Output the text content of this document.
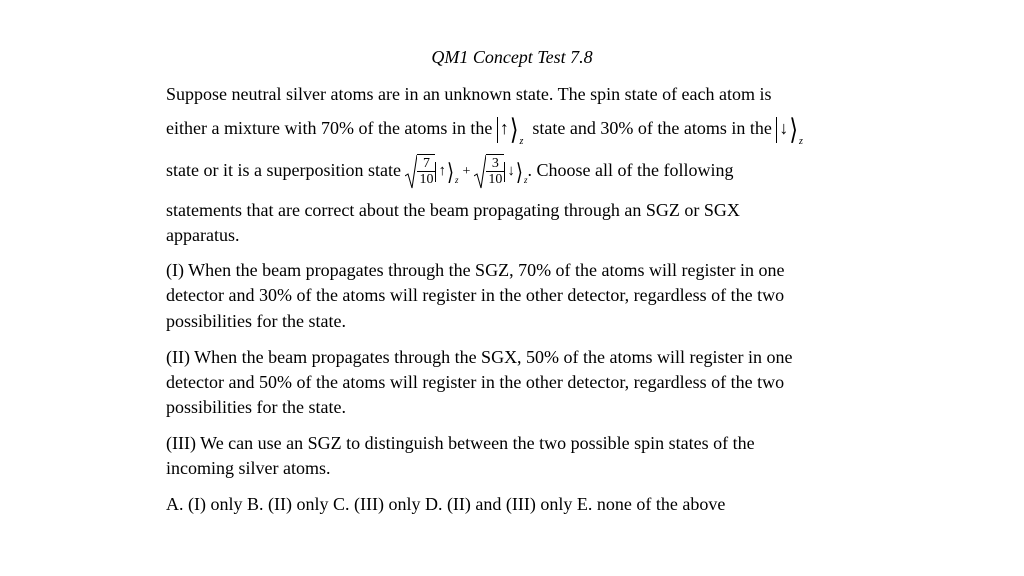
QM1 Concept Test 7.8
Suppose neutral silver atoms are in an unknown state. The spin state of each atom is
either a mixture with 70% of the atoms in the $↑⟩_z$  state and 30% of the atoms in the $↓⟩_z$
state or it is a superposition state $\frac{7}{10}$ $↑⟩_z+ \frac{3}{10}$ $↓⟩_z$. Choose all of the following
statements that are correct about the beam propagating through an SGZ or SGX
apparatus.
(I) When the beam propagates through the SGZ, 70% of the atoms will register in one
detector and 30% of the atoms will register in the other detector, regardless of the two
possibilities for the state.
(II) When the beam propagates through the SGX, 50% of the atoms will register in one
detector and 50% of the atoms will register in the other detector, regardless of the two
possibilities for the state.
(III) We can use an SGZ to distinguish between the two possible spin states of the
incoming silver atoms.
A. (I) only B. (II) only C. (III) only D. (II) and (III) only E. none of the above
